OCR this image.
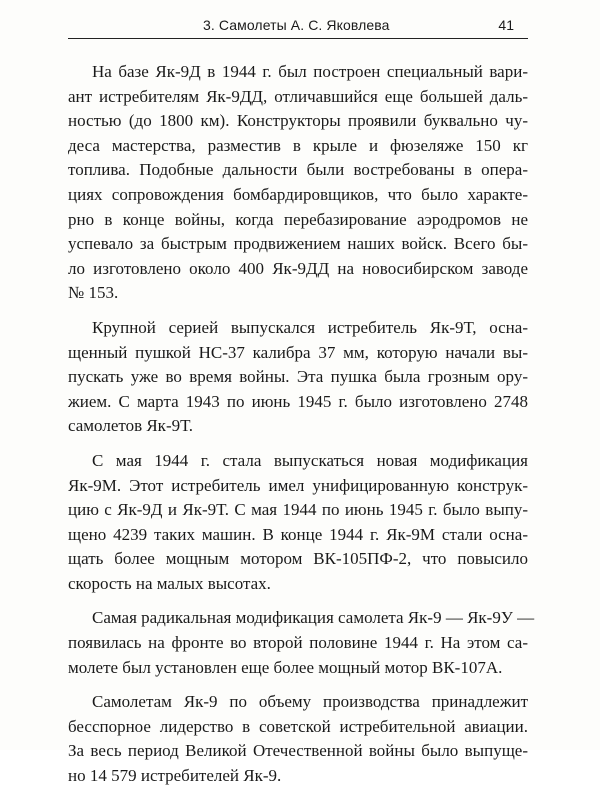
3. Самолеты А. С. Яковлева	41

На базе Як-9Д в 1944 г. был построен специальный вари-
ант истребителям Як-9ДД, отличавшийся еще большей даль-
ностью (до 1800 км). Конструкторы проявили буквально чу-
деса мастерства, разместив в крыле и фюзеляже 150 кг
топлива. Подобные дальности были востребованы в опера-
циях сопровождения бомбардировщиков, что было характе-
рно в конце войны, когда перебазирование аэродромов не
успевало за быстрым продвижением наших войск. Всего бы-
ло изготовлено около 400 Як-9ДД на новосибирском заводе
№ 153.

Крупной серией выпускался истребитель Як-9Т, осна-
щенный пушкой НС-37 калибра 37 мм, которую начали вы-
пускать уже во время войны. Эта пушка была грозным ору-
жием. С марта 1943 по июнь 1945 г. было изготовлено 2748
самолетов Як-9Т.

С мая 1944 г. стала выпускаться новая модификация
Як-9М. Этот истребитель имел унифицированную конструк-
цию с Як-9Д и Як-9Т. С мая 1944 по июнь 1945 г. было выпу-
щено 4239 таких машин. В конце 1944 г. Як-9М стали осна-
щать более мощным мотором ВК-105ПФ-2, что повысило
скорость на малых высотах.

Самая радикальная модификация самолета Як-9 — Як-9У —
появилась на фронте во второй половине 1944 г. На этом са-
молете был установлен еще более мощный мотор ВК-107А.

Самолетам Як-9 по объему производства принадлежит
бесспорное лидерство в советской истребительной авиации.
За весь период Великой Отечественной войны было выпуще-
но 14 579 истребителей Як-9.
